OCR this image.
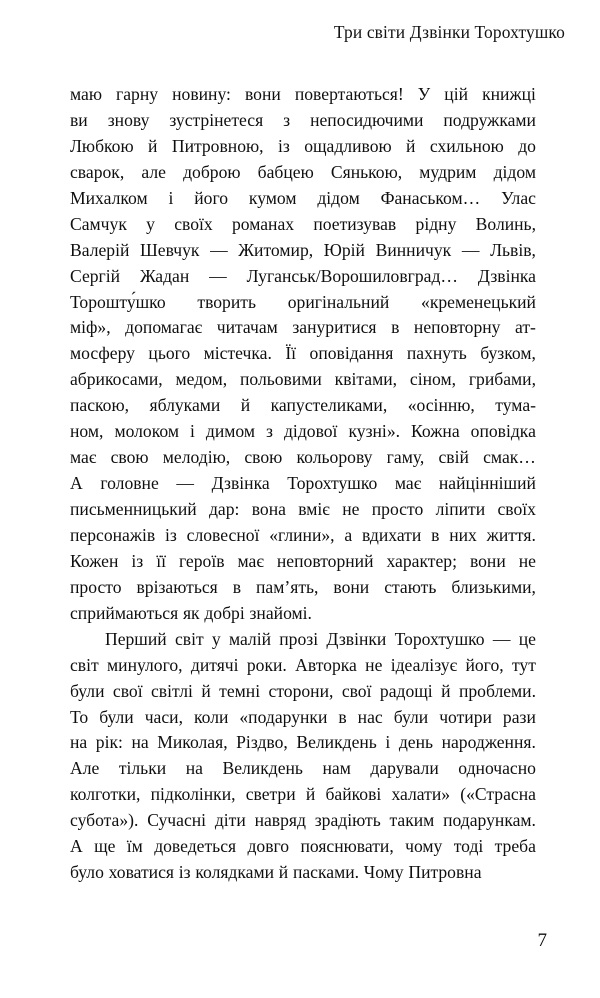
Три світи Дзвінки Торохтушко
маю гарну новину: вони повертаються! У цій книжці
ви знову зустрінетеся з непосидючими подружками
Любкою й Питровною, із ощадливою й схильною до
сварок, але доброю бабцею Сянькою, мудрим дідом
Михалком і його кумом дідом Фанаськом… Улас
Самчук у своїх романах поетизував рідну Волинь,
Валерій Шевчук — Житомир, Юрій Винничук — Львів,
Сергій Жадан — Луганськ/Ворошиловград… Дзвінка
Торошту́шко творить оригінальний «кременецький
міф», допомагає читачам зануритися в неповторну ат-
мосферу цього містечка. Її оповідання пахнуть бузком,
абрикосами, медом, польовими квітами, сіном, грибами,
паскою, яблуками й капустеликами, «осінню, тума-
ном, молоком і димом з дідової кузні». Кожна оповідка
має свою мелодію, свою кольорову гаму, свій смак…
А головне — Дзвінка Торохтушко має найцінніший
письменницький дар: вона вміє не просто ліпити своїх
персонажів із словесної «глини», а вдихати в них життя.
Кожен із її героїв має неповторний характер; вони не
просто врізаються в пам’ять, вони стають близькими,
сприймаються як добрі знайомі.
Перший світ у малій прозі Дзвінки Торохтушко — це
світ минулого, дитячі роки. Авторка не ідеалізує його, тут
були свої світлі й темні сторони, свої радощі й проблеми.
То були часи, коли «подарунки в нас були чотири рази
на рік: на Миколая, Різдво, Великдень і день народження.
Але тільки на Великдень нам дарували одночасно
колготки, підколінки, светри й байкові халати» («Страсна
субота»). Сучасні діти навряд зрадіють таким подарункам.
А ще їм доведеться довго пояснювати, чому тоді треба
було ховатися із колядками й пасками. Чому Питровна
7
